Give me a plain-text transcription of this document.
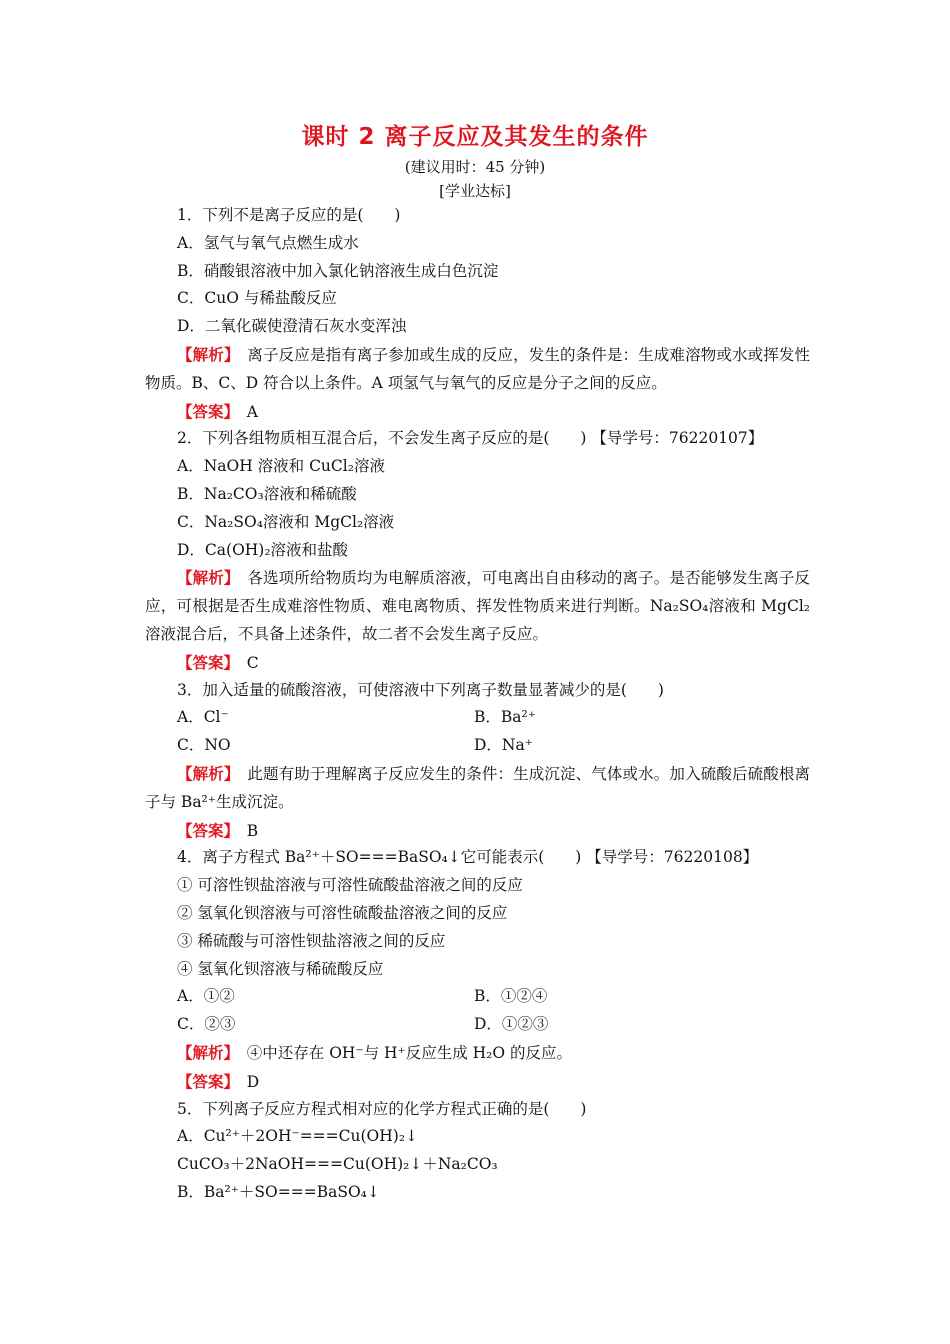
课时 2 离子反应及其发生的条件
(建议用时：45 分钟)
[学业达标]
1．下列不是离子反应的是(　　)
A．氢气与氧气点燃生成水
B．硝酸银溶液中加入氯化钠溶液生成白色沉淀
C．CuO 与稀盐酸反应
D．二氧化碳使澄清石灰水变浑浊
【解析】　 离子反应是指有离子参加或生成的反应，发生的条件是：生成难溶物或水或挥发性物质。B、C、D 符合以上条件。A 项氢气与氧气的反应是分子之间的反应。
【答案】　 A
2．下列各组物质相互混合后，不会发生离子反应的是(　　) 【导学号：76220107】
A．NaOH 溶液和 CuCl₂溶液
B．Na₂CO₃溶液和稀硫酸
C．Na₂SO₄溶液和 MgCl₂溶液
D．Ca(OH)₂溶液和盐酸
【解析】　 各选项所给物质均为电解质溶液，可电离出自由移动的离子。是否能够发生离子反应，可根据是否生成难溶性物质、难电离物质、挥发性物质来进行判断。Na₂SO₄溶液和 MgCl₂溶液混合后，不具备上述条件，故二者不会发生离子反应。
【答案】　 C
3．加入适量的硫酸溶液，可使溶液中下列离子数量显著减少的是(　　)
A．Cl⁻	B．Ba²⁺
C．NO	D．Na⁺
【解析】　 此题有助于理解离子反应发生的条件：生成沉淀、气体或水。加入硫酸后硫酸根离子与 Ba²⁺生成沉淀。
【答案】　 B
4．离子方程式 Ba²⁺＋SO===BaSO₄↓它可能表示(　　) 【导学号：76220108】
① 可溶性钡盐溶液与可溶性硫酸盐溶液之间的反应
② 氢氧化钡溶液与可溶性硫酸盐溶液之间的反应
③ 稀硫酸与可溶性钡盐溶液之间的反应
④ 氢氧化钡溶液与稀硫酸反应
A．①②	B．①②④
C．②③	D．①②③
【解析】　 ④中还存在 OH⁻与 H⁺反应生成 H₂O 的反应。
【答案】　 D
5．下列离子反应方程式相对应的化学方程式正确的是(　　)
A．Cu²⁺＋2OH⁻===Cu(OH)₂↓
CuCO₃＋2NaOH===Cu(OH)₂↓＋Na₂CO₃
B．Ba²⁺＋SO===BaSO₄↓
